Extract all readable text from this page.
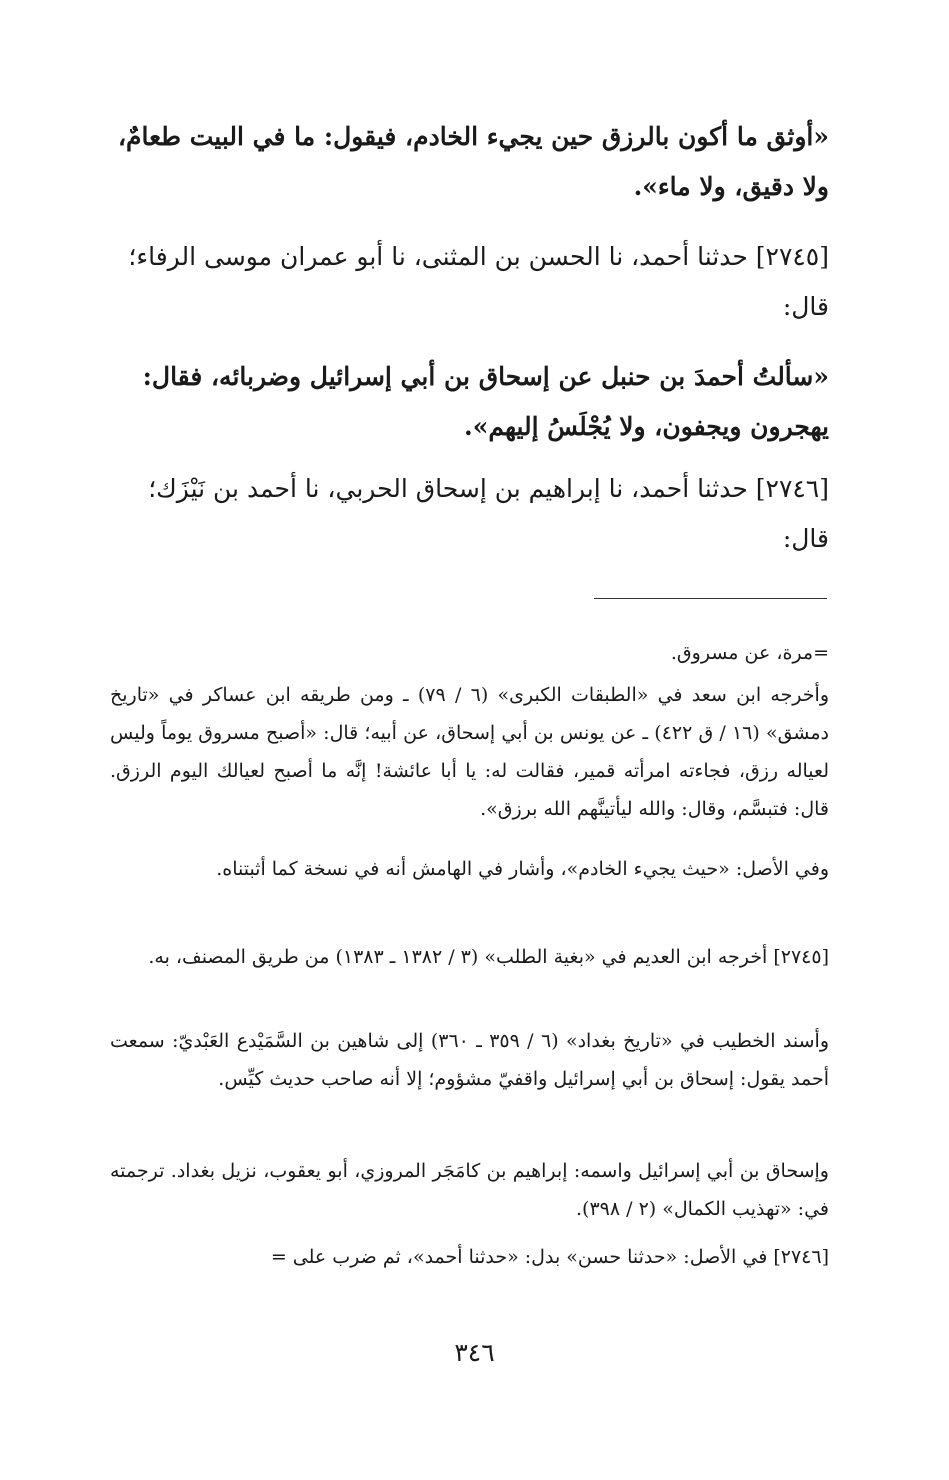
«أوثق ما أكون بالرزق حين يجيء الخادم، فيقول: ما في البيت طعامٌ، ولا دقيق، ولا ماء».

[٢٧٤٥] حدثنا أحمد، نا الحسن بن المثنى، نا أبو عمران موسى الرفاء؛ قال:

«سألتُ أحمدَ بن حنبل عن إسحاق بن أبي إسرائيل وضربائه، فقال: يهجرون ويجفون، ولا يُجْلَسُ إليهم».

[٢٧٤٦] حدثنا أحمد، نا إبراهيم بن إسحاق الحربي، نا أحمد بن نَيْزَك؛ قال:

=مرة، عن مسروق.

وأخرجه ابن سعد في «الطبقات الكبرى» (٦ / ٧٩) ـ ومن طريقه ابن عساكر في «تاريخ دمشق» (١٦ / ق ٤٢٢) ـ عن يونس بن أبي إسحاق، عن أبيه؛ قال: «أصبح مسروق يوماً وليس لعياله رزق، فجاءته امرأته قمير، فقالت له: يا أبا عائشة! إنَّه ما أصبح لعيالك اليوم الرزق. قال: فتبسَّم، وقال: والله ليأتينَّهم الله برزق».

وفي الأصل: «حيث يجيء الخادم»، وأشار في الهامش أنه في نسخة كما أثبتناه.

[٢٧٤٥] أخرجه ابن العديم في «بغية الطلب» (٣ / ١٣٨٢ ـ ١٣٨٣) من طريق المصنف، به.

وأسند الخطيب في «تاريخ بغداد» (٦ / ٣٥٩ ـ ٣٦٠) إلى شاهين بن السَّمَيْدع العَبْديّ: سمعت أحمد يقول: إسحاق بن أبي إسرائيل واقفيّ مشؤوم؛ إلا أنه صاحب حديث كيِّس.

وإسحاق بن أبي إسرائيل واسمه: إبراهيم بن كامَجَر المروزي، أبو يعقوب، نزيل بغداد. ترجمته في: «تهذيب الكمال» (٢ / ٣٩٨).

[٢٧٤٦] في الأصل: «حدثنا حسن» بدل: «حدثنا أحمد»، ثم ضرب على =

٣٤٦
